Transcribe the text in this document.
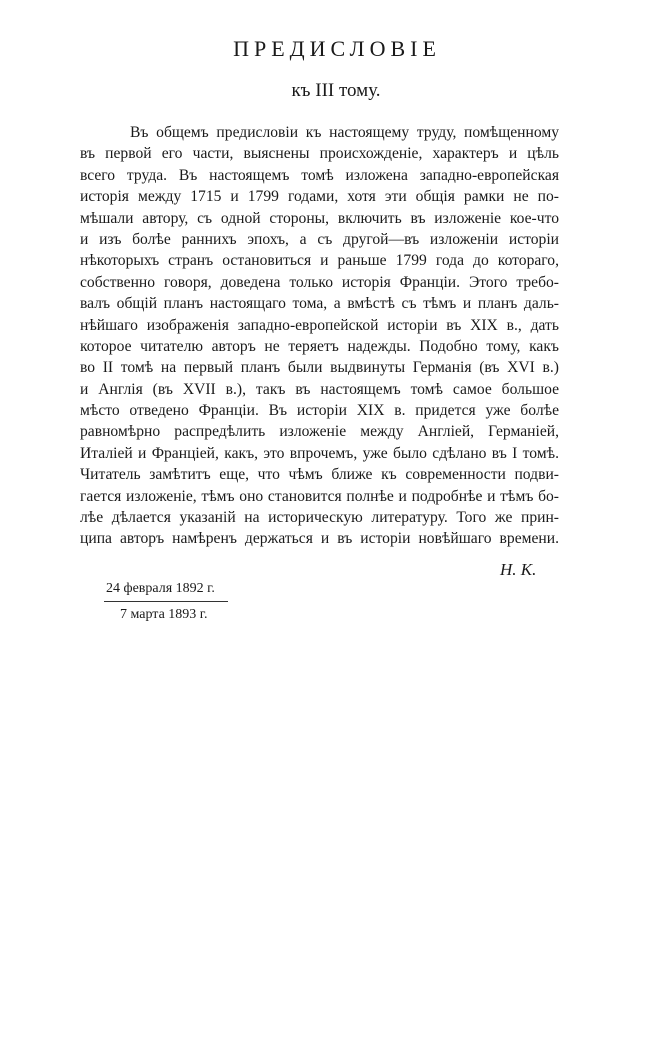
ПРЕДИСЛОВІЕ
къ III тому.
Въ общемъ предисловіи къ настоящему труду, помѣщенному
въ первой его части, выяснены происхожденіе, характеръ и цѣль
всего труда. Въ настоящемъ томѣ изложена западно-европейская
исторія между 1715 и 1799 годами, хотя эти общія рамки не по-
мѣшали автору, съ одной стороны, включить въ изложеніе кое-что
и изъ болѣе раннихъ эпохъ, а съ другой—въ изложеніи исторіи
нѣкоторыхъ странъ остановиться и раньше 1799 года до котораго,
собственно говоря, доведена только исторія Франціи. Этого требо-
валъ общій планъ настоящаго тома, а вмѣстѣ съ тѣмъ и планъ даль-
нѣйшаго изображенія западно-европейской исторіи въ XIX в., дать
которое читателю авторъ не теряетъ надежды. Подобно тому, какъ
во II томѣ на первый планъ были выдвинуты Германія (въ XVI в.)
и Англія (въ XVII в.), такъ въ настоящемъ томѣ самое большое
мѣсто отведено Франціи. Въ исторіи XIX в. придется уже болѣе
равномѣрно распредѣлить изложеніе между Англіей, Германіей,
Италіей и Франціей, какъ, это впрочемъ, уже было сдѣлано въ I томѣ.
Читатель замѣтитъ еще, что чѣмъ ближе къ современности подви-
гается изложеніе, тѣмъ оно становится полнѣе и подробнѣе и тѣмъ бо-
лѣе дѣлается указаній на историческую литературу. Того же прин-
ципа авторъ намѣренъ держаться и въ исторіи новѣйшаго времени.
Н. К.
24 февраля 1892 г.
7 марта 1893 г.
